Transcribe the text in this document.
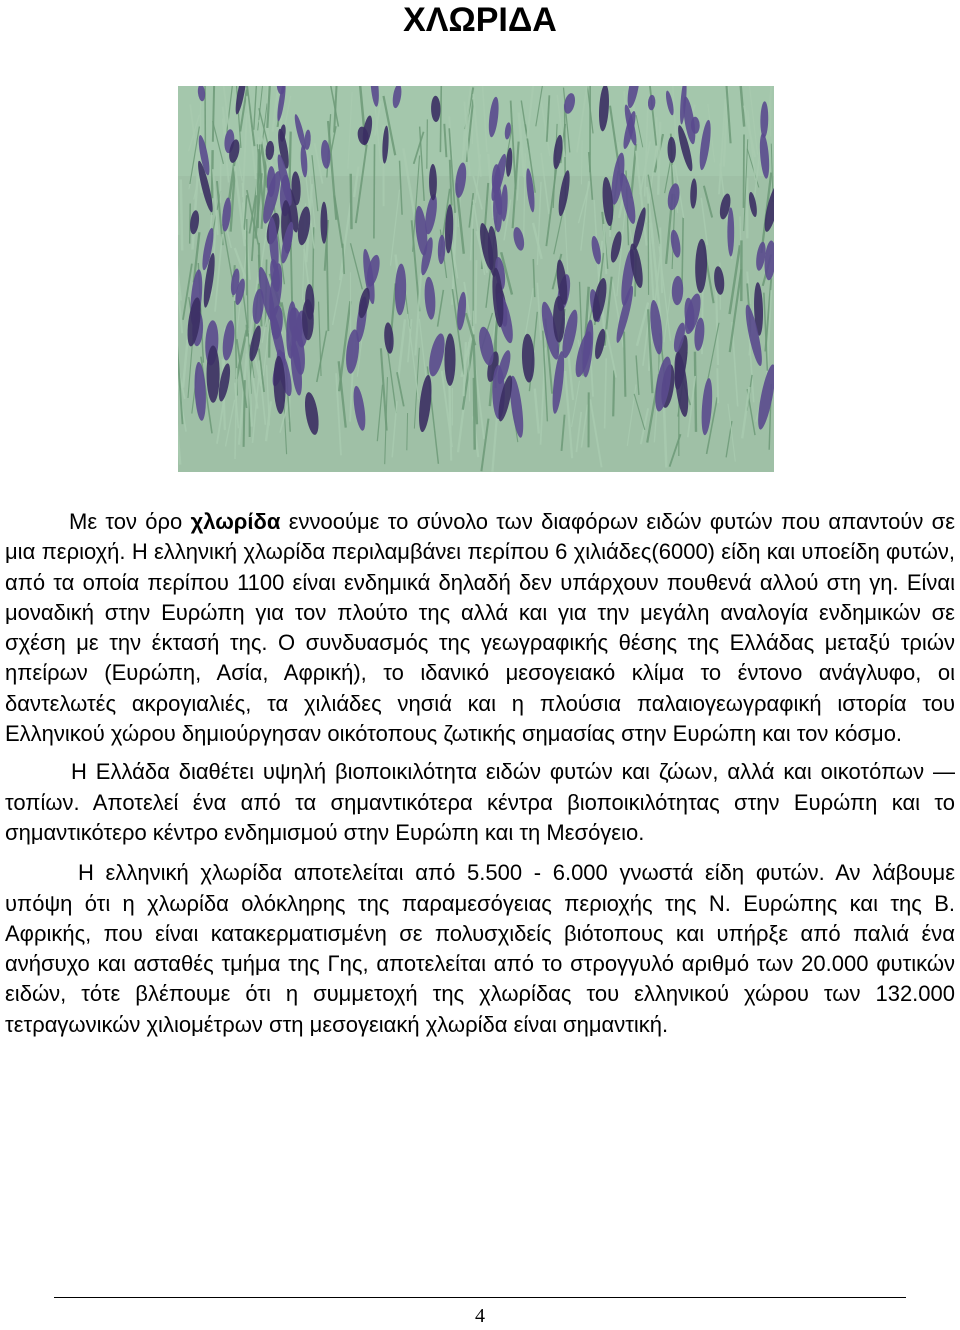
ΧΛΩΡΙΔΑ

Με τον όρο χλωρίδα εννοούμε το σύνολο των διαφόρων ειδών φυτών που απαντούν σε μια περιοχή. Η ελληνική χλωρίδα περιλαμβάνει περίπου 6 χιλιάδες(6000) είδη και υποείδη φυτών, από τα οποία περίπου 1100 είναι ενδημικά δηλαδή δεν υπάρχουν πουθενά αλλού στη γη. Είναι μοναδική στην Ευρώπη για τον πλούτο της αλλά και για την μεγάλη αναλογία ενδημικών σε σχέση με την έκτασή της. Ο συνδυασμός της γεωγραφικής θέσης της Ελλάδας μεταξύ τριών ηπείρων (Ευρώπη, Ασία, Αφρική), το ιδανικό μεσογειακό κλίμα το έντονο ανάγλυφο, οι δαντελωτές ακρογιαλιές, τα χιλιάδες νησιά και η πλούσια παλαιογεωγραφική ιστορία του Ελληνικού χώρου δημιούργησαν οικότοπους ζωτικής σημασίας στην Ευρώπη και τον κόσμο.

Η Ελλάδα διαθέτει υψηλή βιοποικιλότητα ειδών φυτών και ζώων, αλλά και οικοτόπων — τοπίων. Αποτελεί ένα από τα σημαντικότερα κέντρα βιοποικιλότητας στην Ευρώπη και το σημαντικότερο κέντρο ενδημισμού στην Ευρώπη και τη Μεσόγειο.

Η ελληνική χλωρίδα αποτελείται από 5.500 - 6.000 γνωστά είδη φυτών. Αν λάβουμε υπόψη ότι η χλωρίδα ολόκληρης της παραμεσόγειας περιοχής της Ν. Ευρώπης και της Β. Αφρικής, που είναι κατακερματισμένη σε πολυσχιδείς βιότοπους και υπήρξε από παλιά ένα ανήσυχο και ασταθές τμήμα της Γης, αποτελείται από το στρογγυλό αριθμό των 20.000 φυτικών ειδών, τότε βλέπουμε ότι η συμμετοχή της χλωρίδας του ελληνικού χώρου των 132.000 τετραγωνικών χιλιομέτρων στη μεσογειακή χλωρίδα είναι σημαντική.

4
